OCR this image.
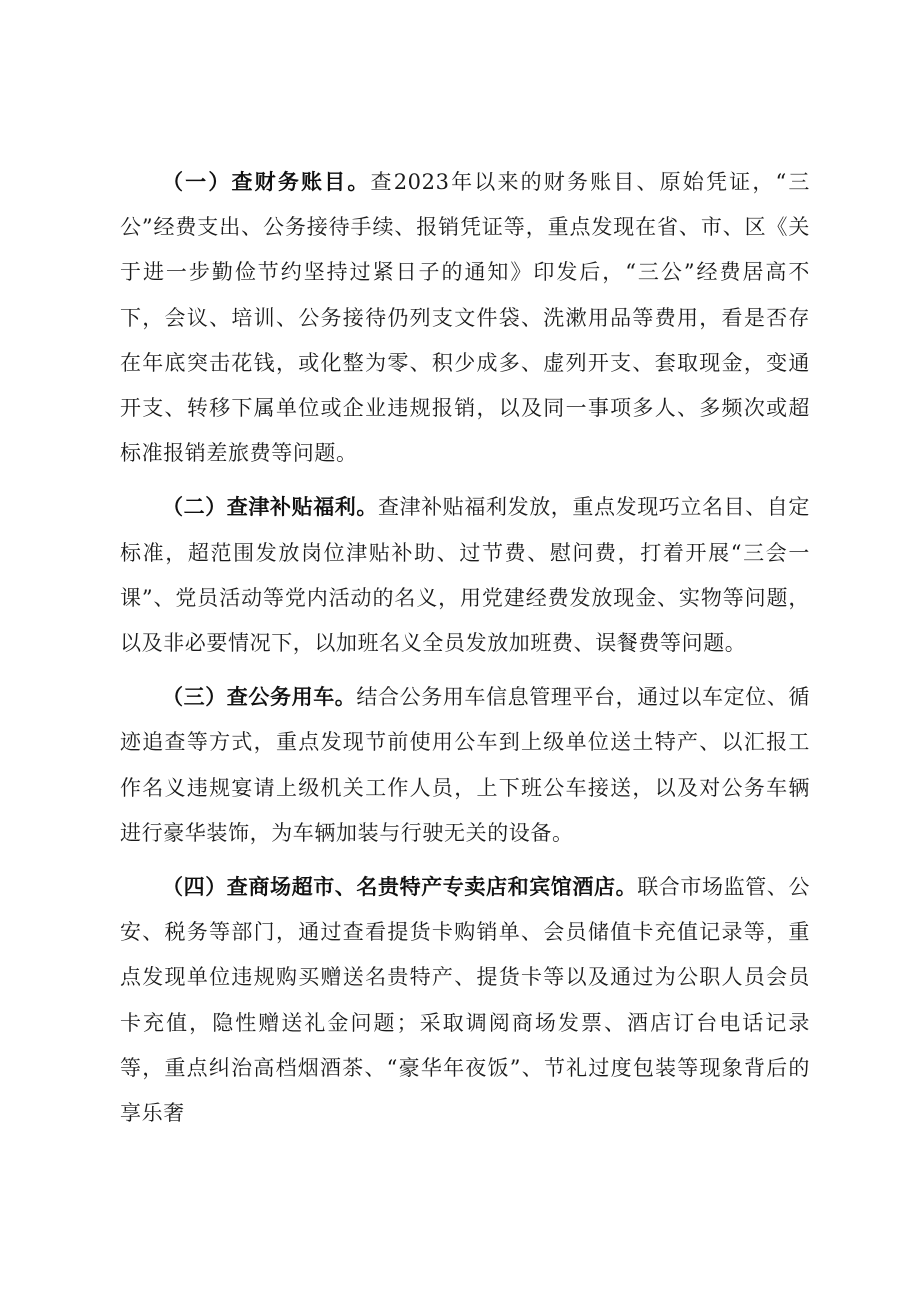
（一）查财务账目。查2023年以来的财务账目、原始凭证，“三公”经费支出、公务接待手续、报销凭证等，重点发现在省、市、区《关于进一步勤俭节约坚持过紧日子的通知》印发后，“三公”经费居高不下，会议、培训、公务接待仍列支文件袋、洗漱用品等费用，看是否存在年底突击花钱，或化整为零、积少成多、虚列开支、套取现金，变通开支、转移下属单位或企业违规报销，以及同一事项多人、多频次或超标准报销差旅费等问题。

（二）查津补贴福利。查津补贴福利发放，重点发现巧立名目、自定标准，超范围发放岗位津贴补助、过节费、慰问费，打着开展“三会一课”、党员活动等党内活动的名义，用党建经费发放现金、实物等问题，以及非必要情况下，以加班名义全员发放加班费、误餐费等问题。

（三）查公务用车。结合公务用车信息管理平台，通过以车定位、循迹追查等方式，重点发现节前使用公车到上级单位送土特产、以汇报工作名义违规宴请上级机关工作人员，上下班公车接送，以及对公务车辆进行豪华装饰，为车辆加装与行驶无关的设备。

（四）查商场超市、名贵特产专卖店和宾馆酒店。联合市场监管、公安、税务等部门，通过查看提货卡购销单、会员储值卡充值记录等，重点发现单位违规购买赠送名贵特产、提货卡等以及通过为公职人员会员卡充值，隐性赠送礼金问题；采取调阅商场发票、酒店订台电话记录等，重点纠治高档烟酒茶、“豪华年夜饭”、节礼过度包装等现象背后的享乐奢
